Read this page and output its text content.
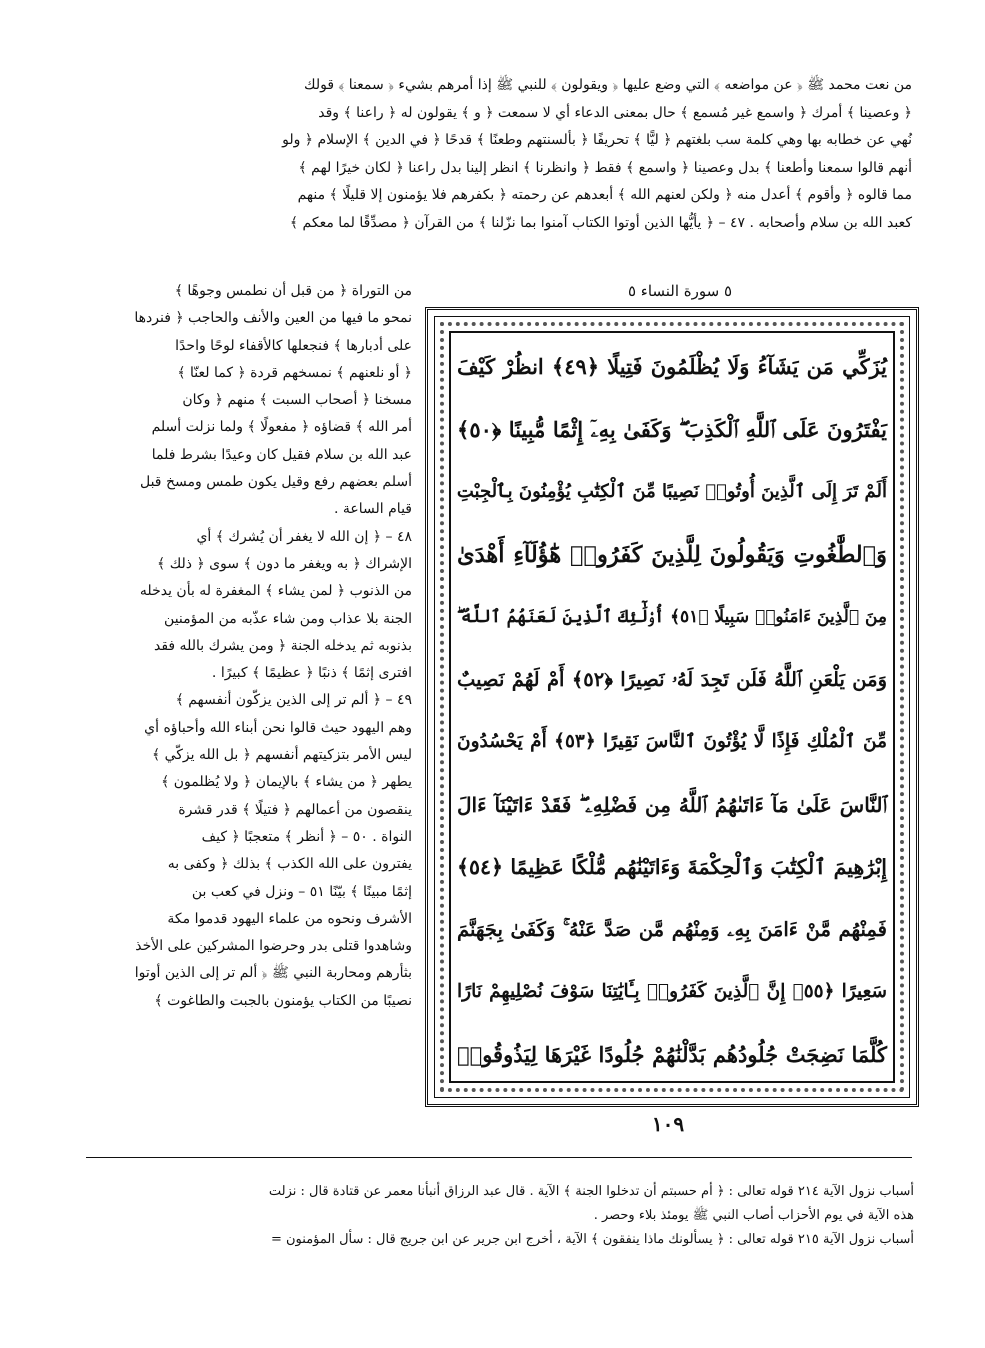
من نعت محمد ﷺ ﴿ عن مواضعه ﴾ التي وضع عليها ﴿ ويقولون ﴾ للنبي ﷺ إذا أمرهم بشيء ﴿ سمعنا ﴾ قولك

﴿ وعصينا ﴾ أمرك ﴿ واسمع غير مُسمع ﴾ حال بمعنى الدعاء أي لا سمعت ﴿ و ﴾ يقولون له ﴿ راعنا ﴾ وقد

نُهي عن خطابه بها وهي كلمة سب بلغتهم ﴿ ليًّا ﴾ تحريفًا ﴿ بألسنتهم وطعنًا ﴾ قدحًا ﴿ في الدين ﴾ الإسلام ﴿ ولو

أنهم قالوا سمعنا وأطعنا ﴾ بدل وعصينا ﴿ واسمع ﴾ فقط ﴿ وانظرنا ﴾ انظر إلينا بدل راعنا ﴿ لكان خيرًا لهم ﴾

مما قالوه ﴿ وأقوم ﴾ أعدل منه ﴿ ولكن لعنهم الله ﴾ أبعدهم عن رحمته ﴿ بكفرهم فلا يؤمنون إلا قليلًا ﴾ منهم

كعبد الله بن سلام وأصحابه . ٤٧ – ﴿ يأيُّها الذين أوتوا الكتاب آمنوا بما نزّلنا ﴾ من القرآن ﴿ مصدِّقًا لما معكم ﴾

٥ سورة النساء ٥

من التوراة ﴿ من قبل أن نطمس وجوهًا ﴾

نمحو ما فيها من العين والأنف والحاجب ﴿ فنردها

على أدبارها ﴾ فنجعلها كالأقفاء لوحًا واحدًا

﴿ أو نلعنهم ﴾ نمسخهم قردة ﴿ كما لعنّا ﴾

مسخنا ﴿ أصحاب السبت ﴾ منهم ﴿ وكان

أمر الله ﴾ قضاؤه ﴿ مفعولًا ﴾ ولما نزلت أسلم

عبد الله بن سلام فقيل كان وعيدًا بشرط فلما

أسلم بعضهم رفع وقيل يكون طمس ومسخ قبل

قيام الساعة .

٤٨ – ﴿ إن الله لا يغفر أن يُشرك ﴾ أي

الإشراك ﴿ به ويغفر ما دون ﴾ سوى ﴿ ذلك ﴾

من الذنوب ﴿ لمن يشاء ﴾ المغفرة له بأن يدخله

الجنة بلا عذاب ومن شاء عذّبه من المؤمنين

بذنوبه ثم يدخله الجنة ﴿ ومن يشرك بالله فقد

افترى إثمًا ﴾ ذنبًا ﴿ عظيمًا ﴾ كبيرًا .

٤٩ – ﴿ ألم تر إلى الذين يزكّون أنفسهم ﴾

وهم اليهود حيث قالوا نحن أبناء الله وأحباؤه أي

ليس الأمر بتزكيتهم أنفسهم ﴿ بل الله يزكّي ﴾

يطهر ﴿ من يشاء ﴾ بالإيمان ﴿ ولا يُظلمون ﴾

ينقصون من أعمالهم ﴿ فتيلًا ﴾ قدر قشرة

النواة . ٥٠ – ﴿ أنظر ﴾ متعجبًا ﴿ كيف

يفترون على الله الكذب ﴾ بذلك ﴿ وكفى به

إثمًا مبينًا ﴾ بيّنًا ٥١ – ونزل في كعب بن

الأشرف ونحوه من علماء اليهود قدموا مكة

وشاهدوا قتلى بدر وحرضوا المشركين على الأخذ

بثأرهم ومحاربة النبي ﷺ ﴿ ألم تر إلى الذين أوتوا

نصيبًا من الكتاب يؤمنون بالجبت والطاغوت ﴾

يُزَكِّي مَن يَشَآءُ وَلَا يُظْلَمُونَ فَتِيلًا ﴿٤٩﴾ انظُرْ كَيْفَ
يَفْتَرُونَ عَلَى ٱللَّهِ ٱلْكَذِبَ ۖ وَكَفَىٰ بِهِۦٓ إِثْمًا مُّبِينًا ﴿٥٠﴾
أَلَمْ تَرَ إِلَى ٱلَّذِينَ أُوتُوا۟ نَصِيبًا مِّنَ ٱلْكِتَٰبِ يُؤْمِنُونَ بِٱلْجِبْتِ
وَٱلطَّٰغُوتِ وَيَقُولُونَ لِلَّذِينَ كَفَرُوا۟ هَٰٓؤُلَآءِ أَهْدَىٰ
مِنَ ٱلَّذِينَ ءَامَنُوا۟ سَبِيلًا ﴿٥١﴾ أُو۟لَٰٓئِكَ ٱلَّذِينَ لَعَنَهُمُ ٱللَّهُ ۖ
وَمَن يَلْعَنِ ٱللَّهُ فَلَن تَجِدَ لَهُۥ نَصِيرًا ﴿٥٢﴾ أَمْ لَهُمْ نَصِيبٌ
مِّنَ ٱلْمُلْكِ فَإِذًا لَّا يُؤْتُونَ ٱلنَّاسَ نَقِيرًا ﴿٥٣﴾ أَمْ يَحْسُدُونَ
ٱلنَّاسَ عَلَىٰ مَآ ءَاتَىٰهُمُ ٱللَّهُ مِن فَضْلِهِۦ ۖ فَقَدْ ءَاتَيْنَآ ءَالَ
إِبْرَٰهِيمَ ٱلْكِتَٰبَ وَٱلْحِكْمَةَ وَءَاتَيْنَٰهُم مُّلْكًا عَظِيمًا ﴿٥٤﴾
فَمِنْهُم مَّنْ ءَامَنَ بِهِۦ وَمِنْهُم مَّن صَدَّ عَنْهُ ۚ وَكَفَىٰ بِجَهَنَّمَ
سَعِيرًا ﴿٥٥﴾ إِنَّ ٱلَّذِينَ كَفَرُوا۟ بِـَٔايَٰتِنَا سَوْفَ نُصْلِيهِمْ نَارًا
كُلَّمَا نَضِجَتْ جُلُودُهُم بَدَّلْنَٰهُمْ جُلُودًا غَيْرَهَا لِيَذُوقُوا۟
١٠٩

أسباب نزول الآية ٢١٤ قوله تعالى : ﴿ أم حسبتم أن تدخلوا الجنة ﴾ الآية . قال عبد الرزاق أنبأنا معمر عن قتادة قال : نزلت

هذه الآية في يوم الأحزاب أصاب النبي ﷺ يومئذ بلاء وحصر .

أسباب نزول الآية ٢١٥ قوله تعالى : ﴿ يسألونك ماذا ينفقون ﴾ الآية ، أخرج ابن جرير عن ابن جريج قال : سأل المؤمنون =
